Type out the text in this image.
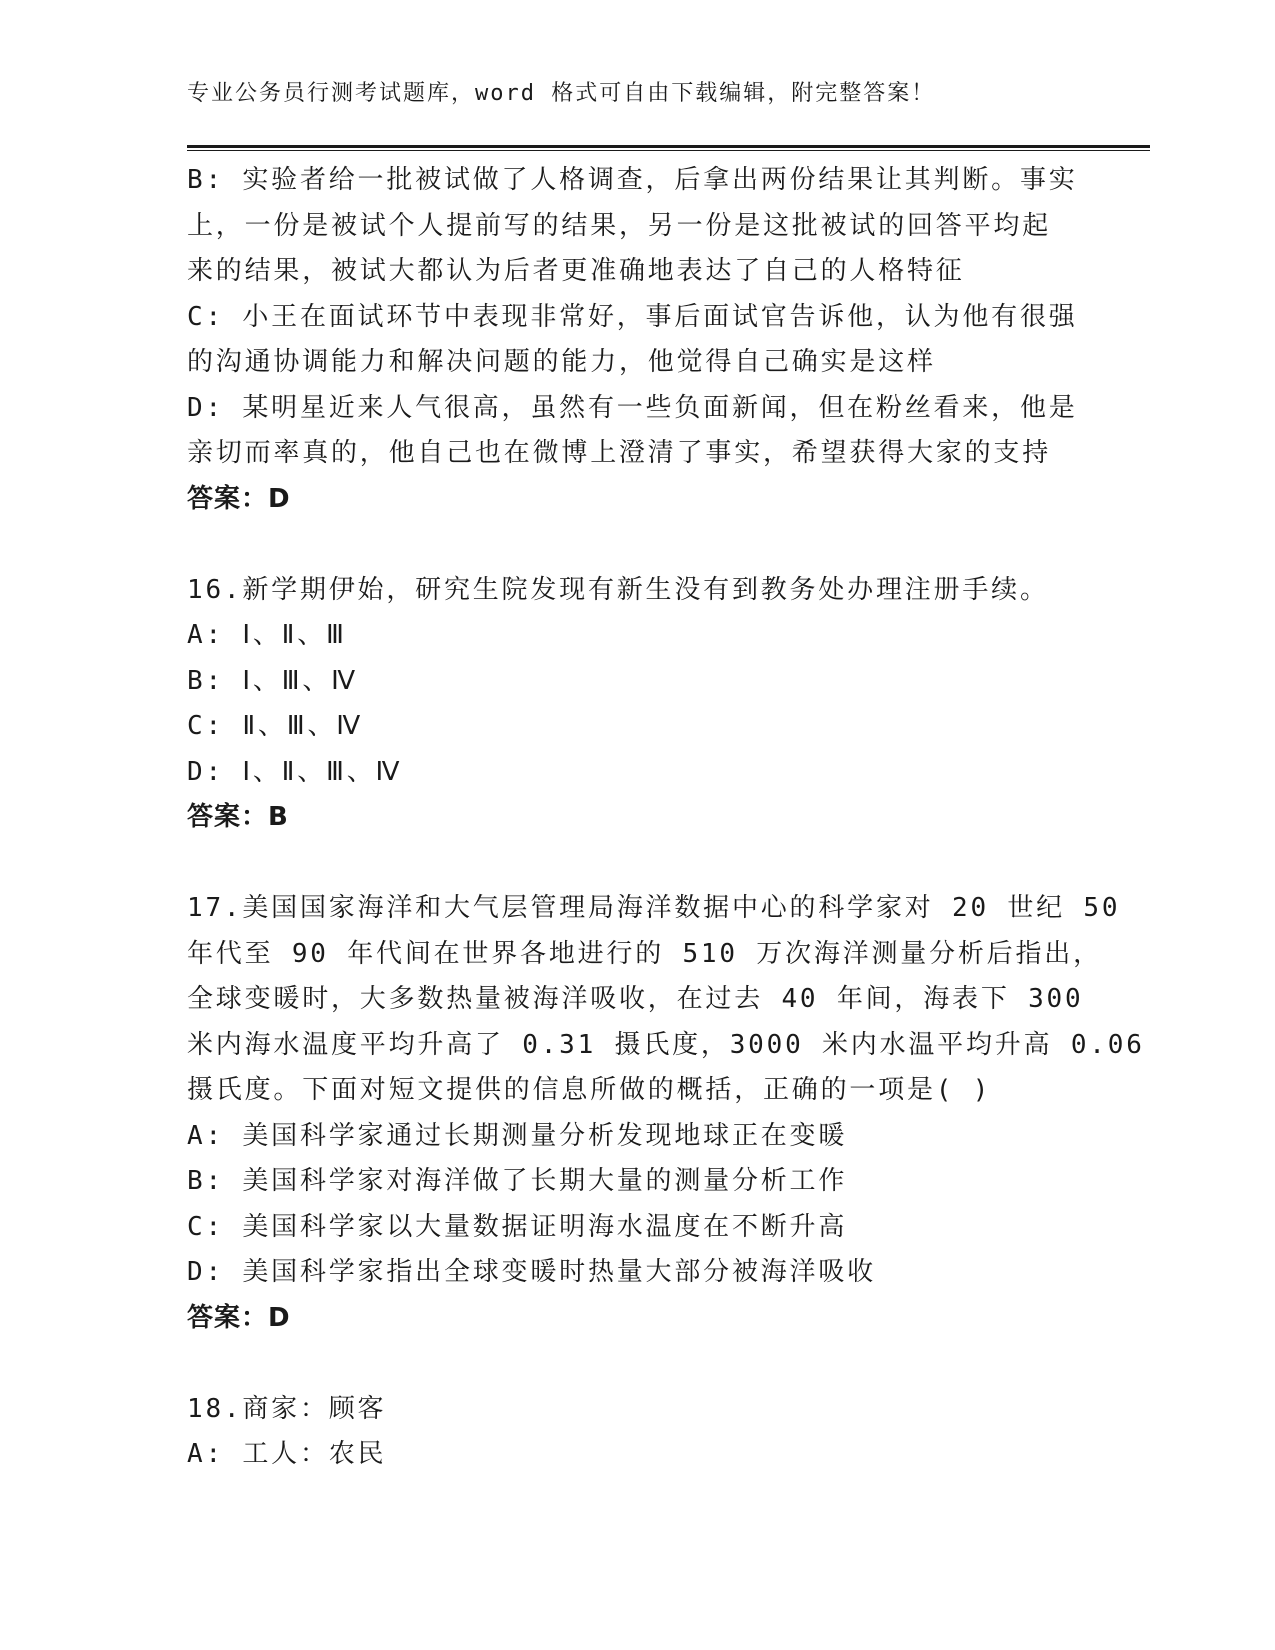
专业公务员行测考试题库，word 格式可自由下载编辑，附完整答案！
B: 实验者给一批被试做了人格调查，后拿出两份结果让其判断。事实
上，一份是被试个人提前写的结果，另一份是这批被试的回答平均起
来的结果，被试大都认为后者更准确地表达了自己的人格特征
C: 小王在面试环节中表现非常好，事后面试官告诉他，认为他有很强
的沟通协调能力和解决问题的能力，他觉得自己确实是这样
D: 某明星近来人气很高，虽然有一些负面新闻，但在粉丝看来，他是
亲切而率真的，他自己也在微博上澄清了事实，希望获得大家的支持
答案：D
16.新学期伊始，研究生院发现有新生没有到教务处办理注册手续。
A: Ⅰ、Ⅱ、Ⅲ
B: Ⅰ、Ⅲ、Ⅳ
C: Ⅱ、Ⅲ、Ⅳ
D: Ⅰ、Ⅱ、Ⅲ、Ⅳ
答案：B
17.美国国家海洋和大气层管理局海洋数据中心的科学家对 20 世纪 50
年代至 90 年代间在世界各地进行的 510 万次海洋测量分析后指出，
全球变暖时，大多数热量被海洋吸收，在过去 40 年间，海表下 300
米内海水温度平均升高了 0.31 摄氏度，3000 米内水温平均升高 0.06
摄氏度。下面对短文提供的信息所做的概括，正确的一项是( )
A: 美国科学家通过长期测量分析发现地球正在变暖
B: 美国科学家对海洋做了长期大量的测量分析工作
C: 美国科学家以大量数据证明海水温度在不断升高
D: 美国科学家指出全球变暖时热量大部分被海洋吸收
答案：D
18.商家：顾客
A: 工人：农民
